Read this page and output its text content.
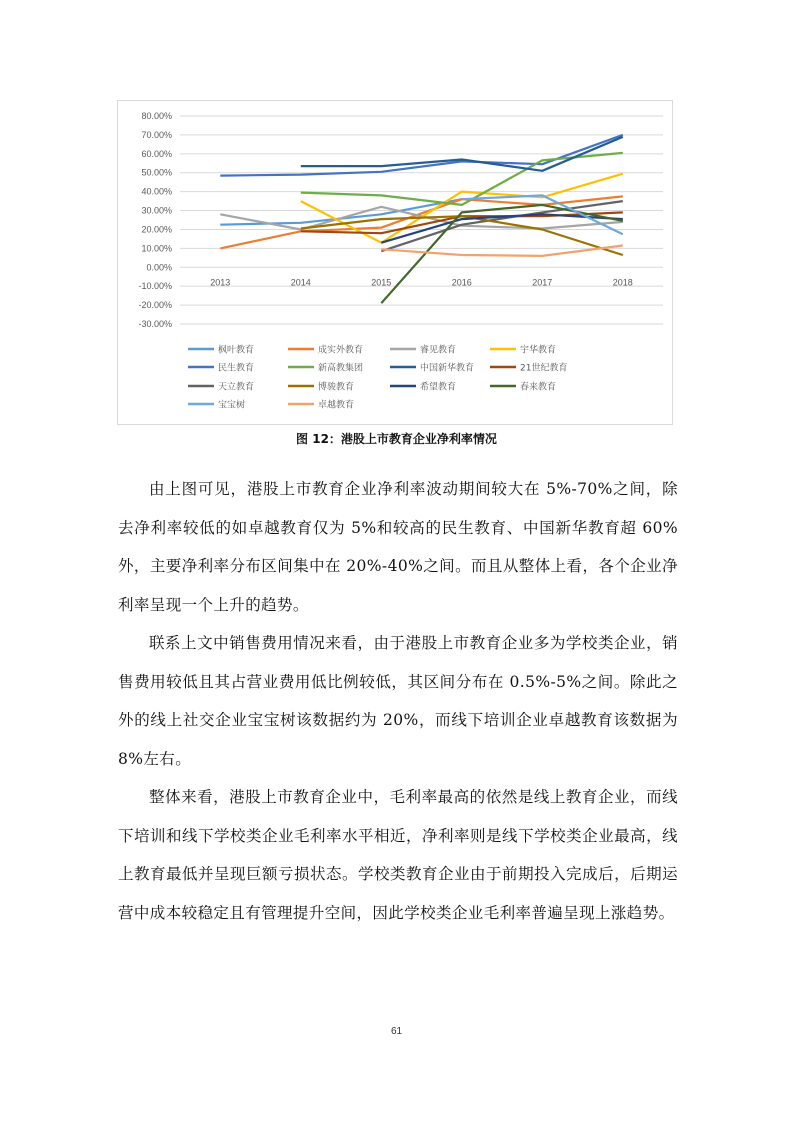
80.00%
70.00%
60.00%
50.00%
40.00%
30.00%
20.00%
10.00%
0.00%
-10.00%
-20.00%
-30.00%
2013	2014	2015	2016	2017	2018
枫叶教育	成实外教育	睿见教育	宇华教育
民生教育	新高教集团	中国新华教育	21世纪教育
天立教育	博骏教育	希望教育	春来教育
宝宝树	卓越教育
图 12：港股上市教育企业净利率情况

由上图可见，港股上市教育企业净利率波动期间较大在 5%-70%之间，除去净利率较低的如卓越教育仅为 5%和较高的民生教育、中国新华教育超 60%外，主要净利率分布区间集中在 20%-40%之间。而且从整体上看，各个企业净利率呈现一个上升的趋势。

联系上文中销售费用情况来看，由于港股上市教育企业多为学校类企业，销售费用较低且其占营业费用低比例较低，其区间分布在 0.5%-5%之间。除此之外的线上社交企业宝宝树该数据约为 20%，而线下培训企业卓越教育该数据为 8%左右。

整体来看，港股上市教育企业中，毛利率最高的依然是线上教育企业，而线下培训和线下学校类企业毛利率水平相近，净利率则是线下学校类企业最高，线上教育最低并呈现巨额亏损状态。学校类教育企业由于前期投入完成后，后期运营中成本较稳定且有管理提升空间，因此学校类企业毛利率普遍呈现上涨趋势。

61
